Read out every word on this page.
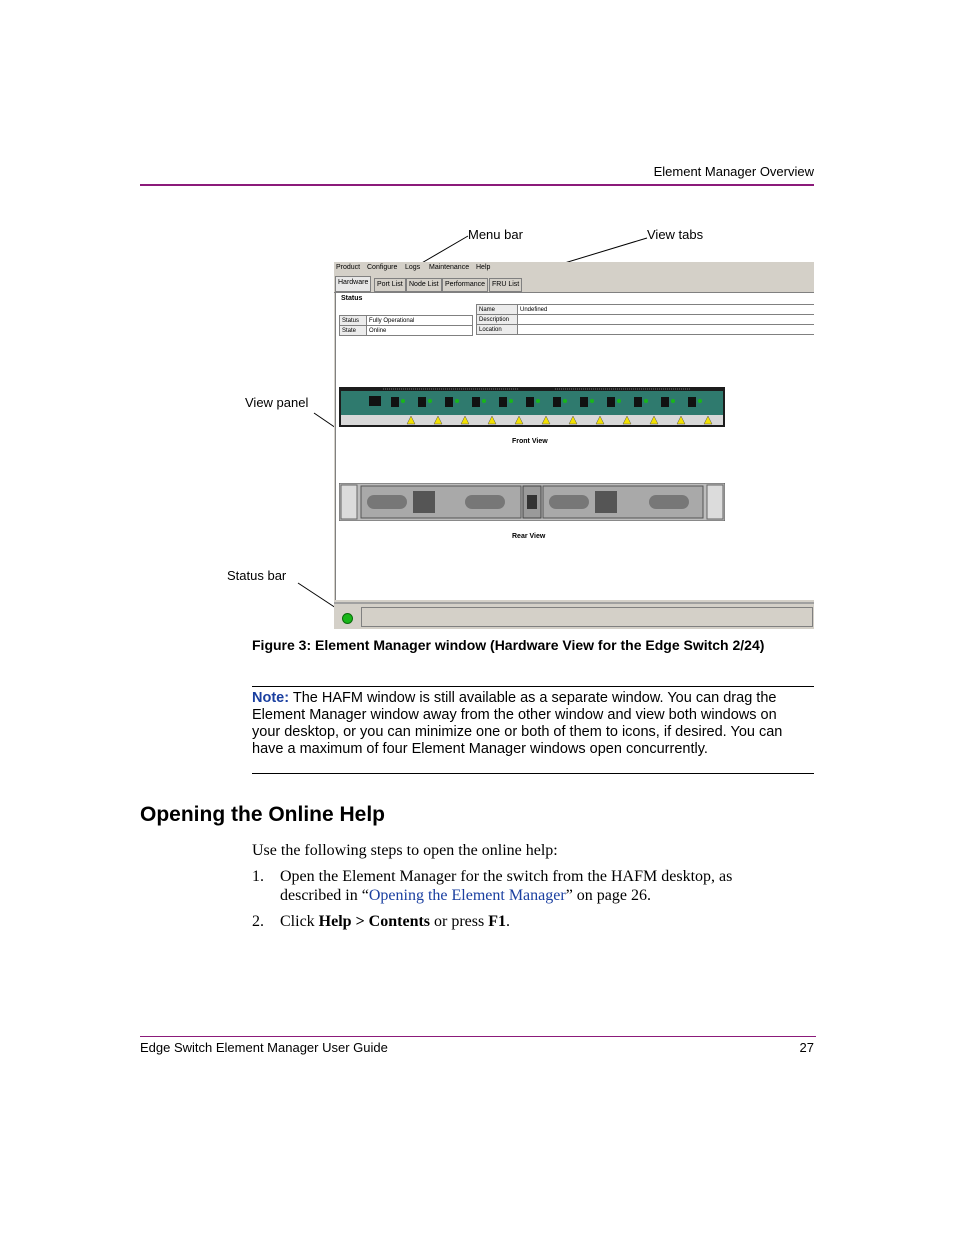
Element Manager Overview
Menu bar	View tabs
View panel
Status bar
Product Configure Logs Maintenance Help
Hardware	Port List Node List Performance FRU List
Status
Status	Fully Operational
State	Online
Name	Undefined
Description	
Location	
Front View
Rear View
Figure 3: Element Manager window (Hardware View for the Edge Switch 2/24)
Note: The HAFM window is still available as a separate window. You can drag the Element Manager window away from the other window and view both windows on your desktop, or you can minimize one or both of them to icons, if desired. You can have a maximum of four Element Manager windows open concurrently.
Opening the Online Help
Use the following steps to open the online help:
1. Open the Element Manager for the switch from the HAFM desktop, as
described in “Opening the Element Manager” on page 26.
2. Click Help > Contents or press F1.
Edge Switch Element Manager User Guide	27
